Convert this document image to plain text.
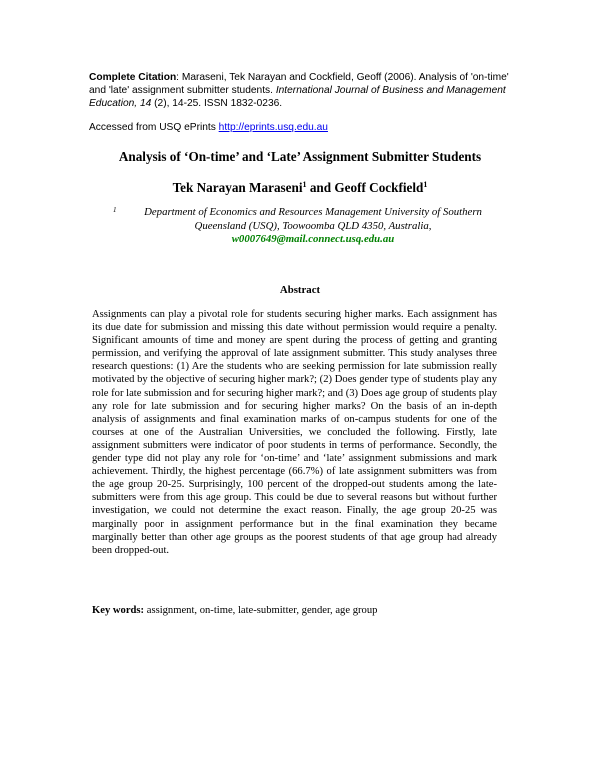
Complete Citation: Maraseni, Tek Narayan and Cockfield, Geoff (2006). Analysis of 'on-time' and 'late' assignment submitter students. International Journal of Business and Management Education, 14 (2), 14-25. ISSN 1832-0236.
Accessed from USQ ePrints http://eprints.usq.edu.au
Analysis of ‘On-time’ and ‘Late’ Assignment Submitter Students
Tek Narayan Maraseni$^1$ and Geoff Cockfield$^1$
1	Department of Economics and Resources Management University of Southern
Queensland (USQ), Toowoomba QLD 4350, Australia,
w0007649@mail.connect.usq.edu.au
Abstract
Assignments can play a pivotal role for students securing higher marks. Each assignment has its due date for submission and missing this date without permission would require a penalty. Significant amounts of time and money are spent during the process of getting and granting permission, and verifying the approval of late assignment submitter. This study analyses three research questions: (1) Are the students who are seeking permission for late submission really motivated by the objective of securing higher mark?; (2) Does gender type of students play any role for late submission and for securing higher mark?; and (3) Does age group of students play any role for late submission and for securing higher marks? On the basis of an in-depth analysis of assignments and final examination marks of on-campus students for one of the courses at one of the Australian Universities, we concluded the following. Firstly, late assignment submitters were indicator of poor students in terms of performance. Secondly, the gender type did not play any role for ‘on-time’ and ‘late’ assignment submissions and mark achievement. Thirdly, the highest percentage (66.7%) of late assignment submitters was from the age group 20-25. Surprisingly, 100 percent of the dropped-out students among the late-submitters were from this age group. This could be due to several reasons but without further investigation, we could not determine the exact reason. Finally, the age group 20-25 was marginally poor in assignment performance but in the final examination they became marginally better than other age groups as the poorest students of that age group had already been dropped-out.
Key words: assignment, on-time, late-submitter, gender, age group
